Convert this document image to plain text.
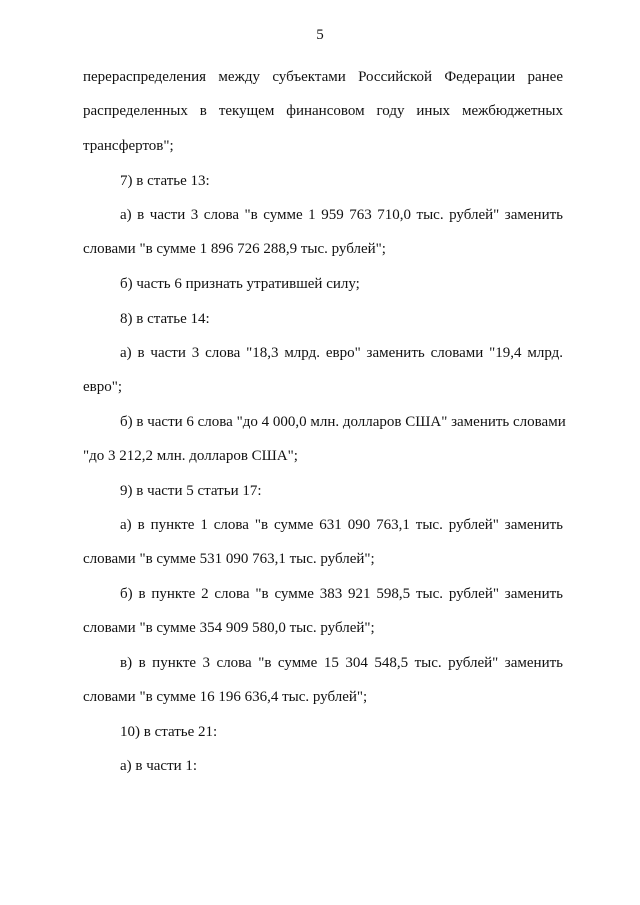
5
перераспределения между субъектами Российской Федерации ранее
распределенных в текущем финансовом году иных межбюджетных
трансфертов";
7) в статье 13:
а) в части 3 слова "в сумме 1 959 763 710,0 тыс. рублей" заменить
словами "в сумме 1 896 726 288,9 тыс. рублей";
б) часть 6 признать утратившей силу;
8) в статье 14:
а) в части 3 слова "18,3 млрд. евро" заменить словами "19,4 млрд.
евро";
б) в части 6 слова "до 4 000,0 млн. долларов США" заменить словами
"до 3 212,2 млн. долларов США";
9) в части 5 статьи 17:
а) в пункте 1 слова "в сумме 631 090 763,1 тыс. рублей" заменить
словами "в сумме 531 090 763,1 тыс. рублей";
б) в пункте 2 слова "в сумме 383 921 598,5 тыс. рублей" заменить
словами "в сумме 354 909 580,0 тыс. рублей";
в) в пункте 3 слова "в сумме 15 304 548,5 тыс. рублей" заменить
словами "в сумме 16 196 636,4 тыс. рублей";
10) в статье 21:
а) в части 1:
